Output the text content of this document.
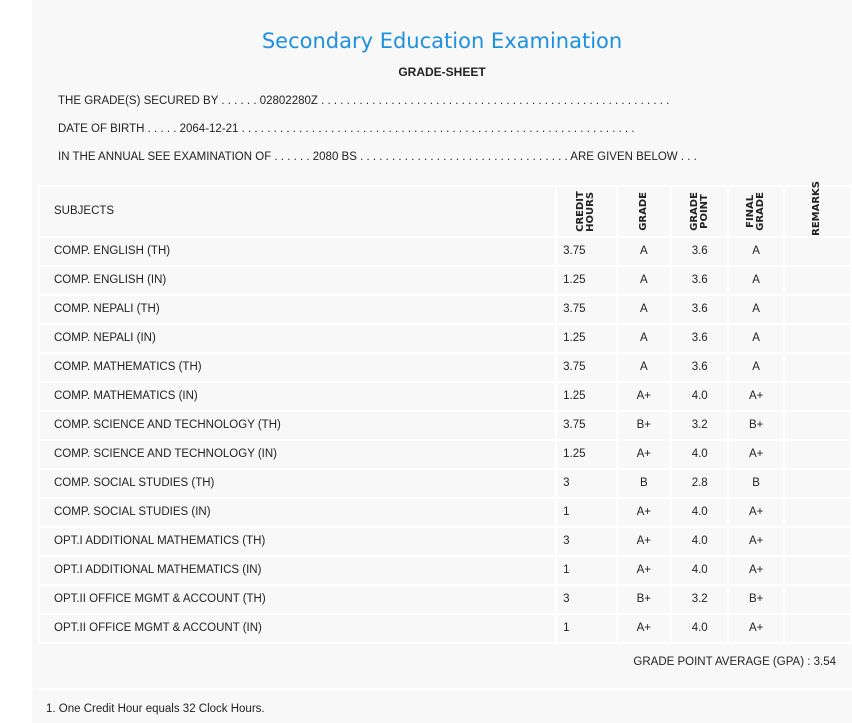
Secondary Education Examination
GRADE-SHEET
THE GRADE(S) SECURED BY . . . . . . 02802280Z . . . . . . . . . . . . . . . . . . . . . . . . . . . . . . . . . . . . . . . . . . . . . . . . . . . . . . .
DATE OF BIRTH . . . . . 2064-12-21 . . . . . . . . . . . . . . . . . . . . . . . . . . . . . . . . . . . . . . . . . . . . . . . . . . . . . . . . . . . . . .
IN THE ANNUAL SEE EXAMINATION OF . . . . . . 2080 BS . . . . . . . . . . . . . . . . . . . . . . . . . . . . . . . . . ARE GIVEN BELOW . . .
SUBJECTS	CREDIT HOURS	GRADE	GRADE POINT	FINAL GRADE	REMARKS

COMP. ENGLISH (TH)	3.75	A	3.6	A	
COMP. ENGLISH (IN)	1.25	A	3.6	A	
COMP. NEPALI (TH)	3.75	A	3.6	A	
COMP. NEPALI (IN)	1.25	A	3.6	A	
COMP. MATHEMATICS (TH)	3.75	A	3.6	A	
COMP. MATHEMATICS (IN)	1.25	A+	4.0	A+	
COMP. SCIENCE AND TECHNOLOGY (TH)	3.75	B+	3.2	B+	
COMP. SCIENCE AND TECHNOLOGY (IN)	1.25	A+	4.0	A+	
COMP. SOCIAL STUDIES (TH)	3	B	2.8	B	
COMP. SOCIAL STUDIES (IN)	1	A+	4.0	A+	
OPT.I ADDITIONAL MATHEMATICS (TH)	3	A+	4.0	A+	
OPT.I ADDITIONAL MATHEMATICS (IN)	1	A+	4.0	A+	
OPT.II OFFICE MGMT & ACCOUNT (TH)	3	B+	3.2	B+	
OPT.II OFFICE MGMT & ACCOUNT (IN)	1	A+	4.0	A+	
GRADE POINT AVERAGE (GPA) : 3.54
1. One Credit Hour equals 32 Clock Hours.
